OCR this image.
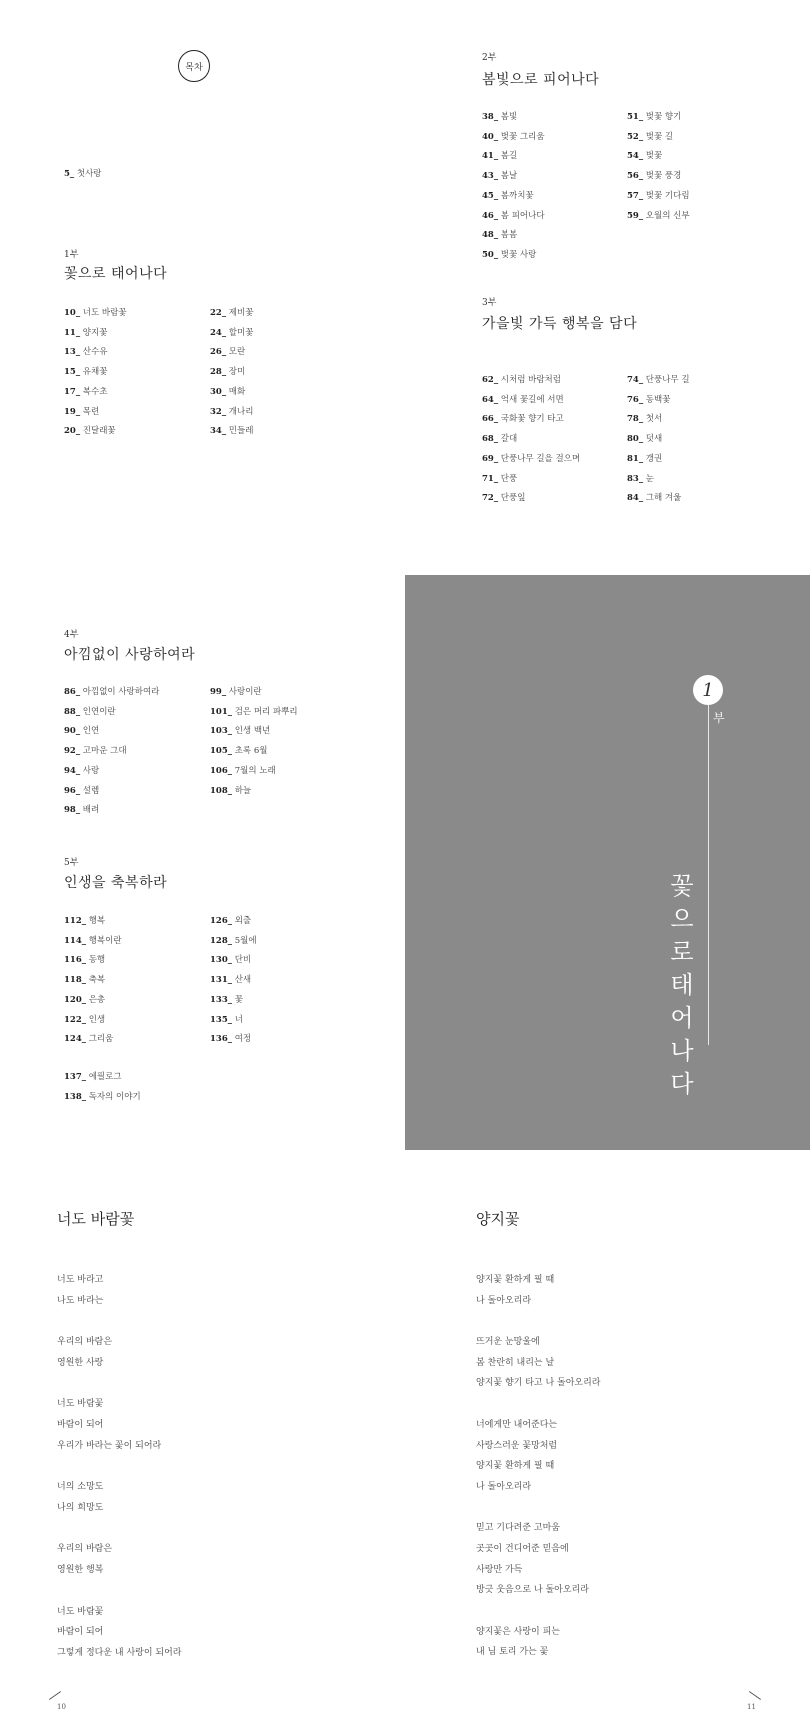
목차
5_ 첫사랑
1부
꽃으로 태어나다
10_ 너도 바람꽃
11_ 양지꽃
13_ 산수유
15_ 유채꽃
17_ 복수초
19_ 목련
20_ 진달래꽃
22_ 제비꽃
24_ 할미꽃
26_ 모란
28_ 장미
30_ 매화
32_ 개나리
34_ 민들레
2부
봄빛으로 피어나다
38_ 봄빛
40_ 벚꽃 그리움
41_ 봄길
43_ 봄날
45_ 봄까치꽃
46_ 봄 피어나다
48_ 봄봄
50_ 벚꽃 사랑
51_ 벚꽃 향기
52_ 벚꽃 길
54_ 벚꽃
56_ 벚꽃 풍경
57_ 벚꽃 기다림
59_ 오월의 신부
3부
가을빛 가득 행복을 담다
62_ 시처럼 바람처럼
64_ 억새 꽃길에 서면
66_ 국화꽃 향기 타고
68_ 갈대
69_ 단풍나무 길을 걸으며
71_ 단풍
72_ 단풍잎
74_ 단풍나무 길
76_ 동백꽃
78_ 첫서
80_ 덧새
81_ 갱권
83_ 눈
84_ 그해 겨울
4부
아낌없이 사랑하여라
86_ 아낌없이 사랑하여라
88_ 인연이란
90_ 인연
92_ 고마운 그대
94_ 사랑
96_ 설렘
98_ 배려
99_ 사랑이란
101_ 검은 머리 파뿌리
103_ 인생 백년
105_ 초록 6월
106_ 7월의 노래
108_ 하늘
5부
인생을 축복하라
112_ 행복
114_ 행복이란
116_ 동행
118_ 축복
120_ 은총
122_ 인생
124_ 그리움
126_ 외출
128_ 5월에
130_ 단비
131_ 산새
133_ 꽃
135_ 너
136_ 여정
137_ 에필로그
138_ 독자의 이야기
1
부
꽃
으
로
태
어
나
다
너도 바람꽃
너도 바라고
나도 바라는
우리의 바람은
영원한 사랑
너도 바람꽃
바람이 되어
우리가 바라는 꽃이 되어라
너의 소망도
나의 희망도
우리의 바람은
영원한 행복
너도 바람꽃
바람이 되어
그렇게 정다운 내 사랑이 되어라
양지꽃
양지꽃 환하게 필 때
나 돌아오리라
뜨거운 눈망울에
봄 찬란히 내리는 날
양지꽃 향기 타고 나 돌아오리라
너에게만 내어준다는
사랑스러운 꽃망처럼
양지꽃 환하게 필 때
나 돌아오리라
믿고 기다려준 고마움
곳곳이 건디어준 믿음에
사랑만 가득
방긋 웃음으로 나 돌아오리라
양지꽃은 사랑이 피는
내 님 토리 가는 꽃
10	11
